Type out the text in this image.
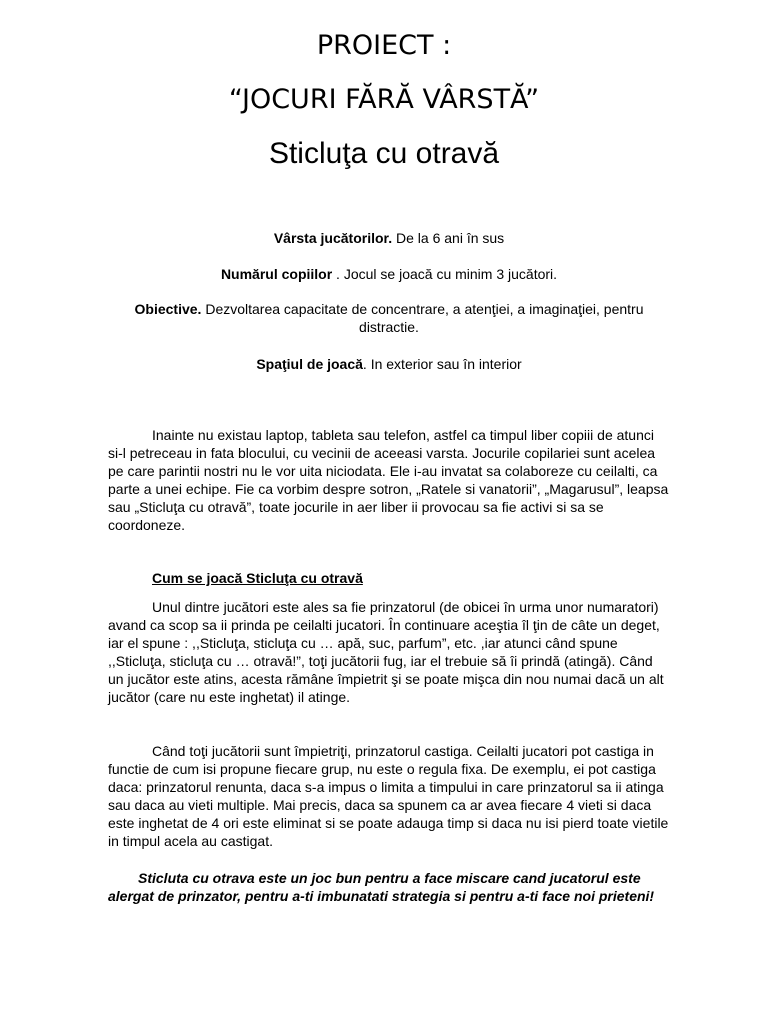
PROIECT :
“JOCURI FĂRĂ VÂRSTĂ”
Sticluţa cu otravă

Vârsta jucătorilor. De la 6 ani în sus

Numărul copiilor . Jocul se joacă cu minim 3 jucători.

Obiective. Dezvoltarea capacitate de concentrare, a atenţiei, a imaginaţiei, pentru distractie.

Spaţiul de joacă. In exterior sau în interior

Inainte nu existau laptop, tableta sau telefon, astfel ca timpul liber copiii de atunci si-l petreceau in fata blocului, cu vecinii de aceeasi varsta. Jocurile copilariei sunt acelea pe care parintii nostri nu le vor uita niciodata. Ele i-au invatat sa colaboreze cu ceilalti, ca parte a unei echipe. Fie ca vorbim despre sotron, „Ratele si vanatorii”, „Magarusul”, leapsa sau „Sticluţa cu otravă”, toate jocurile in aer liber ii provocau sa fie activi si sa se coordoneze.

Cum se joacă Sticluţa cu otravă

Unul dintre jucători este ales sa fie prinzatorul (de obicei în urma unor numaratori) avand ca scop sa ii prinda pe ceilalti jucatori. În continuare aceştia îl ţin de câte un deget, iar el spune : ,,Sticluţa, sticluţa cu … apă, suc, parfum”, etc. ,iar atunci când spune ,,Sticluţa, sticluţa cu … otravă!”, toţi jucătorii fug, iar el trebuie să îi prindă (atingă). Când un jucător este atins, acesta rămâne împietrit şi se poate mişca din nou numai dacă un alt jucător (care nu este inghetat) il atinge.

Când toţi jucătorii sunt împietriţi, prinzatorul castiga. Ceilalti jucatori pot castiga in functie de cum isi propune fiecare grup, nu este o regula fixa. De exemplu, ei pot castiga daca: prinzatorul renunta, daca s-a impus o limita a timpului in care prinzatorul sa ii atinga sau daca au vieti multiple. Mai precis, daca sa spunem ca ar avea fiecare 4 vieti si daca este inghetat de 4 ori este eliminat si se poate adauga timp si daca nu isi pierd toate vietile in timpul acela au castigat.

Sticluta cu otrava este un joc bun pentru a face miscare cand jucatorul este alergat de prinzator, pentru a-ti imbunatati strategia si pentru a-ti face noi prieteni!
